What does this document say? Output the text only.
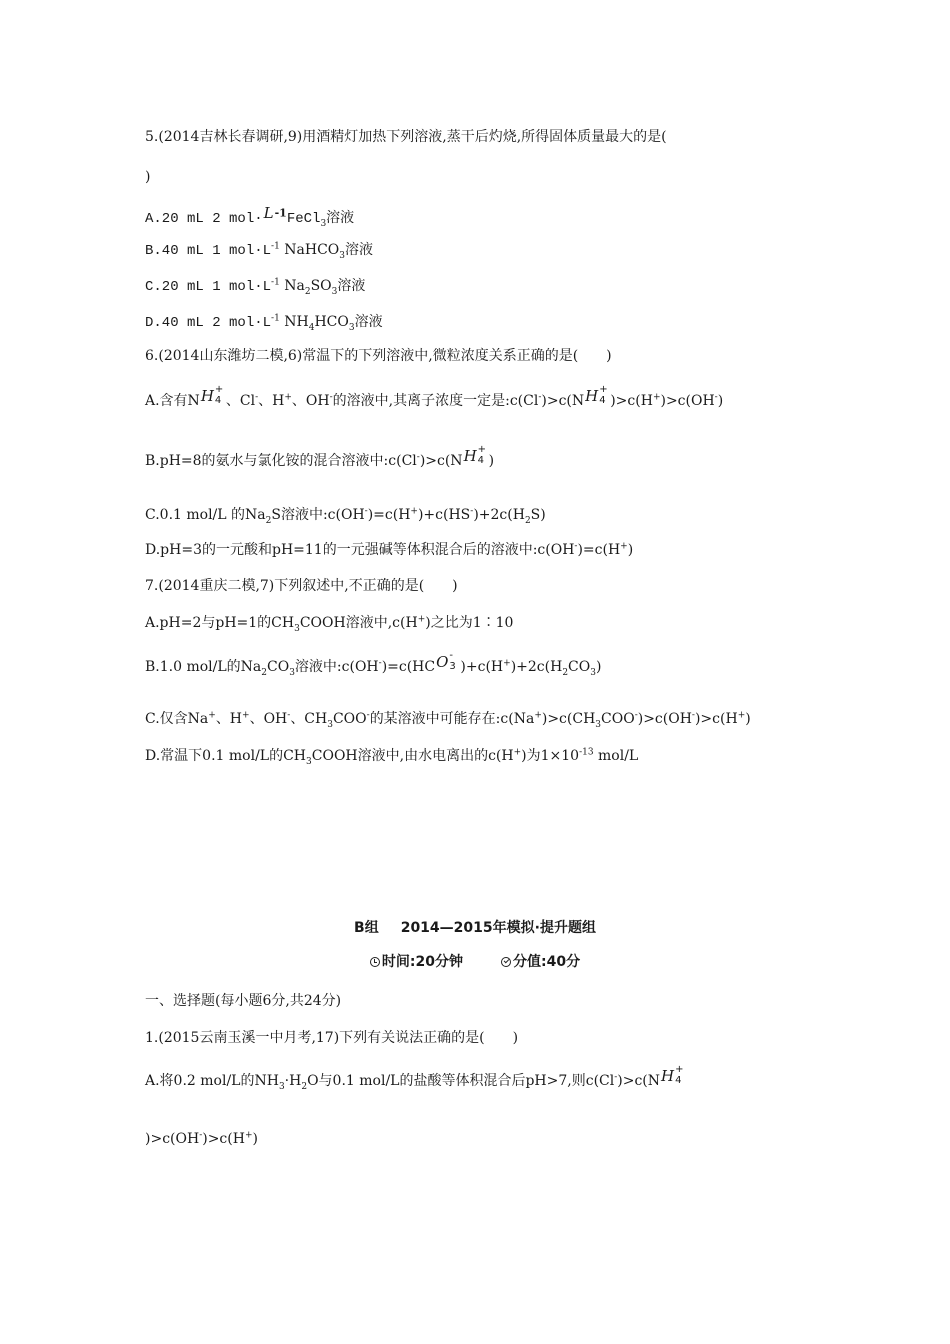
5.(2014吉林长春调研,9)用酒精灯加热下列溶液,蒸干后灼烧,所得固体质量最大的是(
)
A.20 mL 2 $mol\cdot L^{-1}FeCl_3$溶液
B.40 mL 1 $mol\cdot L^{-1}$ NaHCO$_3$溶液
C.20 mL 1 $mol\cdot L^{-1}$ $Na_2SO_3$溶液
D.40 mL 2 $mol\cdot L^{-1}$ $NH_4HCO_3$溶液
6.(2014山东潍坊二模,6)常温下的下列溶液中,微粒浓度关系正确的是(　　)
A.含有NH +
4 、Cl-、H+、OH-的溶液中,其离子浓度一定是:c(Cl-)>c(NH +
4 )>c(H+)>c(OH-)
B.pH=8的氨水与氯化铵的混合溶液中:c(Cl-)>c(NH +
4 )
C.0.1 mol/L 的$Na_2S$溶液中$:c(OH^-)=c(H^+)+c(HS^-)+2c(H_2S)$
D.pH=3的一元酸和pH=11的一元强碱等体积混合后的溶液中:c(OH-)=c(H+)
7.(2014重庆二模,7)下列叙述中,不正确的是(　　)
A.pH=2与pH=1的$CH_3COOH$溶液中,c(H+)之比为1∶10
B.1.0 mol/L的$Na_2CO_3$溶液中:c(OH-)=c(HCO -
3 )$+c(H^+)+2c(H_2CO_3)$
C.仅含Na+、H+、OH-、$CH_3COO^-$的某溶液中可能存在$:c(Na^+)>c(CH_3COO^-)>c(OH^-)>c(H^+)$
D.常温下0.1 mol/L的$CH_3COOH$溶液中,由水电离出的c(H+)为$1\times 10^{-13}$ mol/L
B组 2014—2015年模拟·提升题组
时间:20分钟	分值:40分
一、选择题(每小题6分,共24分)
1.(2015云南玉溪一中月考,17)下列有关说法正确的是(　　)
A.将0.2 mol/L的$NH_3\cdot H_2O$与0.1 mol/L的盐酸等体积混合后pH>7,则c(Cl-)>c(NH +
4
)>c(OH-)>c(H+)
